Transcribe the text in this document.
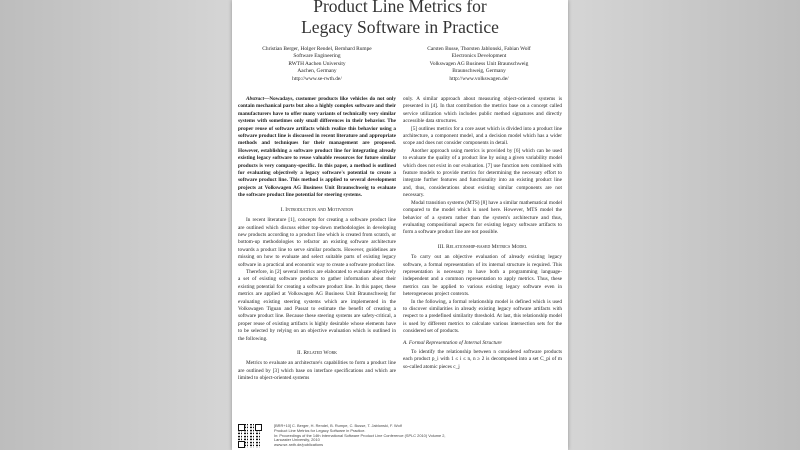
Product Line Metrics for
Legacy Software in Practice
Christian Berger, Holger Rendel, Bernhard Rumpe
Software Engineering
RWTH Aachen University
Aachen, Germany
http://www.se-rwth.de/
Carsten Busse, Thorsten Jablonski, Fabian Wolf
Electronics Development
Volkswagen AG Business Unit Braunschweig
Braunschweig, Germany
http://www.volkswagen.de/

Abstract—Nowadays, customer products like vehicles do not only contain mechanical parts but also a highly complex software and their manufacturers have to offer many variants of technically very similar systems with sometimes only small differences in their behavior. The proper reuse of software artifacts which realize this behavior using a software product line is discussed in recent literature and appropriate methods and techniques for their management are proposed. However, establishing a software product line for integrating already existing legacy software to reuse valuable resources for future similar products is very company-specific. In this paper, a method is outlined for evaluating objectively a legacy software's potential to create a software product line. This method is applied to several development projects at Volkswagen AG Business Unit Braunschweig to evaluate the software product line potential for steering systems.

I. Introduction and Motivation

In recent literature [1], concepts for creating a software product line are outlined which discuss either top-down methodologies in developing new products according to a product line which is created from scratch, or bottom-up methodologies to refactor an existing software architecture towards a product line to serve similar products. However, guidelines are missing on how to evaluate and select suitable parts of existing legacy software in a practical and economic way to create a software product line.

Therefore, in [2] several metrics are elaborated to evaluate objectively a set of existing software products to gather information about their existing potential for creating a software product line. In this paper, these metrics are applied at Volkswagen AG Business Unit Braunschweig for evaluating existing steering systems which are implemented in the Volkswagen Tiguan and Passat to estimate the benefit of creating a software product line. Because these steering systems are safety-critical, a proper reuse of existing artifacts is highly desirable whose elements have to be selected by relying on an objective evaluation which is outlined in the following.

II. Related Work

Metrics to evaluate an architecture's capabilities to form a product line are outlined by [3] which base on interface specifications and which are limited to object-oriented systems

only. A similar approach about measuring object-oriented systems is presented in [4]. In that contribution the metrics base on a concept called service utilization which includes public method signatures and directly accessible data structures.

[5] outlines metrics for a core asset which is divided into a product line architecture, a component model, and a decision model which has a wider scope and does not consider components in detail.

Another approach using metrics is provided by [6] which can be used to evaluate the quality of a product line by using a given variability model which does not exist in our evaluation. [7] use function nets combined with feature models to provide metrics for determining the necessary effort to integrate further features and functionality into an existing product line and, thus, considerations about existing similar components are not necessary.

Modal transition systems (MTS) [8] have a similar mathematical model compared to the model which is used here. However, MTS model the behavior of a system rather than the system's architecture and thus, evaluating compositional aspects for existing legacy software artifacts to form a software product line are not possible.

III. Relationship-based Metrics Model

To carry out an objective evaluation of already existing legacy software, a formal representation of its internal structure is required. This representation is necessary to have both a programming language-independent and a common representation to apply metrics. Thus, these metrics can be applied to various existing legacy software even in heterogeneous project contexts.

In the following, a formal relationship model is defined which is used to discover similarities in already existing legacy software artifacts with respect to a predefined similarity threshold. At last, this relationship model is used by different metrics to calculate various intersection sets for the considered set of products.

A. Formal Representation of Internal Structure

To identify the relationship between n considered software products each product p_i with 1 ≤ i ≤ n, n ≥ 2 is decomposed into a set C_pi of m so-called atomic pieces c_j

[BRR+10] C. Berger, H. Rendel, B. Rumpe, C. Busse, T. Jablonski, F. Wolf
Product Line Metrics for Legacy Software in Practice.
In: Proceedings of the 14th International Software Product Line Conference (SPLC 2010) Volume 2,
Lancaster University, 2010
www.se-rwth.de/publications
